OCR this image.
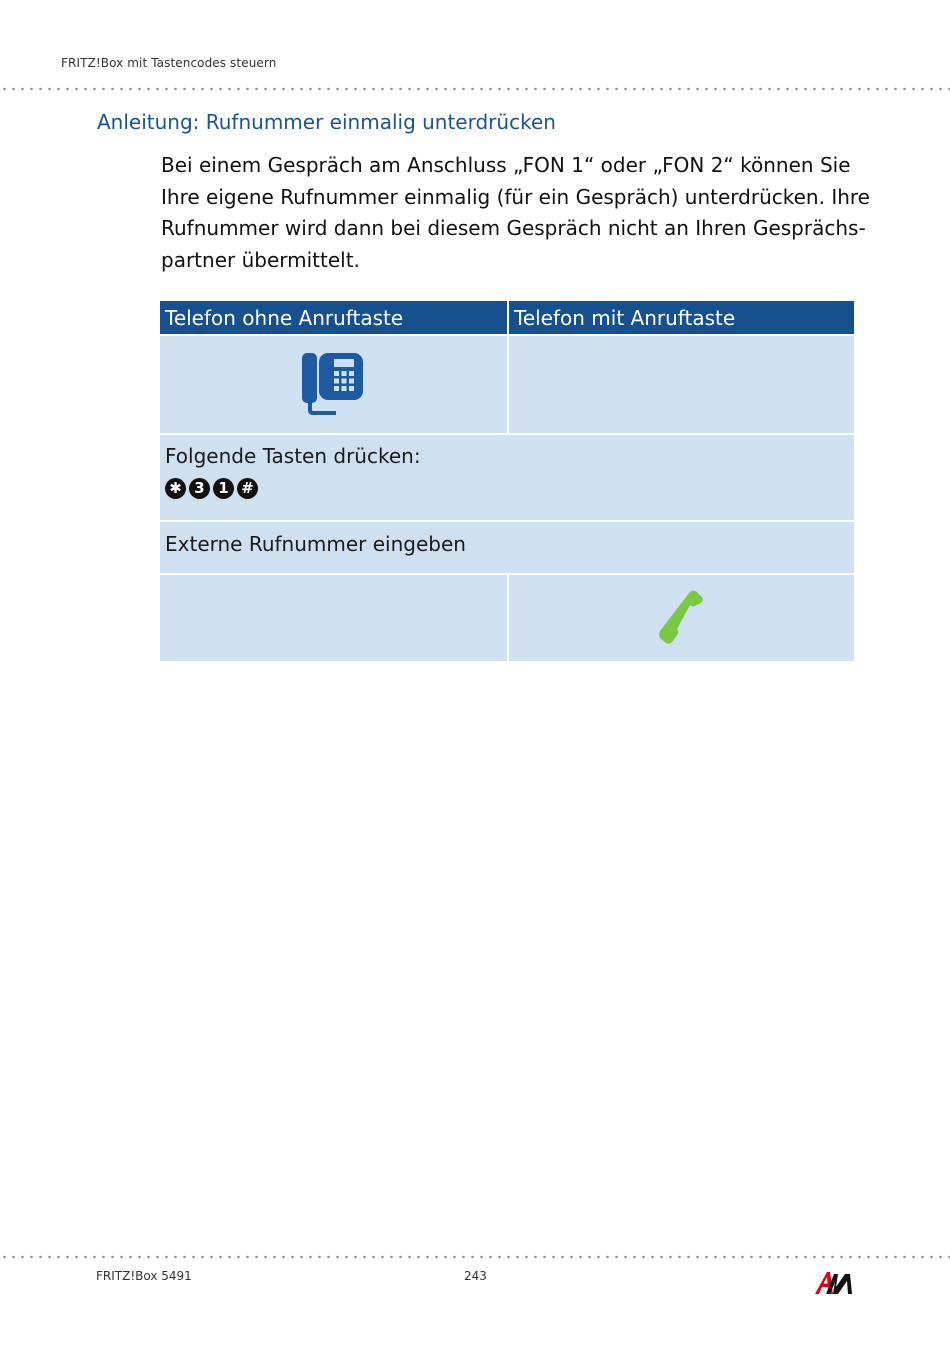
FRITZ!Box mit Tastencodes steuern
Anleitung: Rufnummer einmalig unterdrücken
Bei einem Gespräch am Anschluss „FON 1“ oder „FON 2“ können Sie
Ihre eigene Rufnummer einmalig (für ein Gespräch) unterdrücken. Ihre
Rufnummer wird dann bei diesem Gespräch nicht an Ihren Gesprächs-
partner übermittelt.
Telefon ohne Anruftaste	Telefon mit Anruftaste
Folgende Tasten drücken:
✱ 3 1 #
Externe Rufnummer eingeben
FRITZ!Box 5491	243
